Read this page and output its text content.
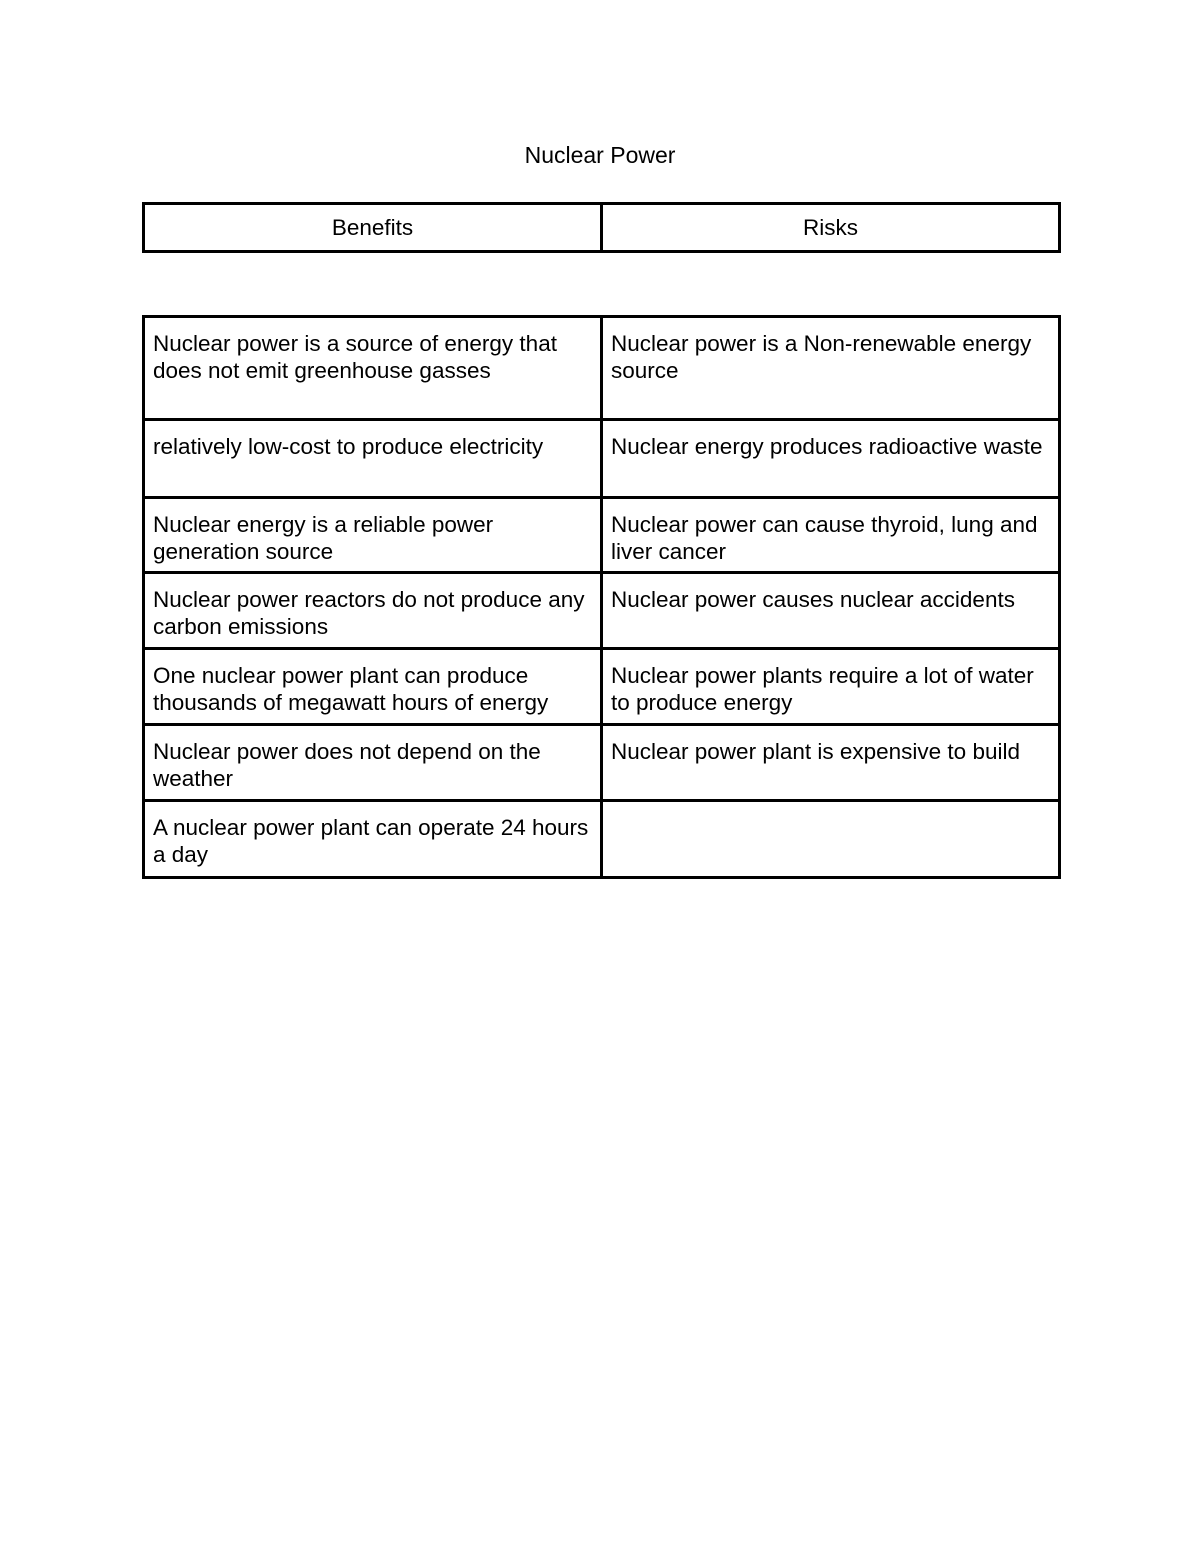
Nuclear Power
Benefits	Risks
Nuclear power is a source of energy that does not emit greenhouse gasses	Nuclear power is a Non-renewable energy source
relatively low-cost to produce electricity	Nuclear energy produces radioactive waste
Nuclear energy is a reliable power generation source	Nuclear power can cause thyroid, lung and liver cancer
Nuclear power reactors do not produce any carbon emissions	Nuclear power causes nuclear accidents
One nuclear power plant can produce thousands of megawatt hours of energy	Nuclear power plants require a lot of water to produce energy
Nuclear power does not depend on the weather	Nuclear power plant is expensive to build
A nuclear power plant can operate 24 hours a day	
